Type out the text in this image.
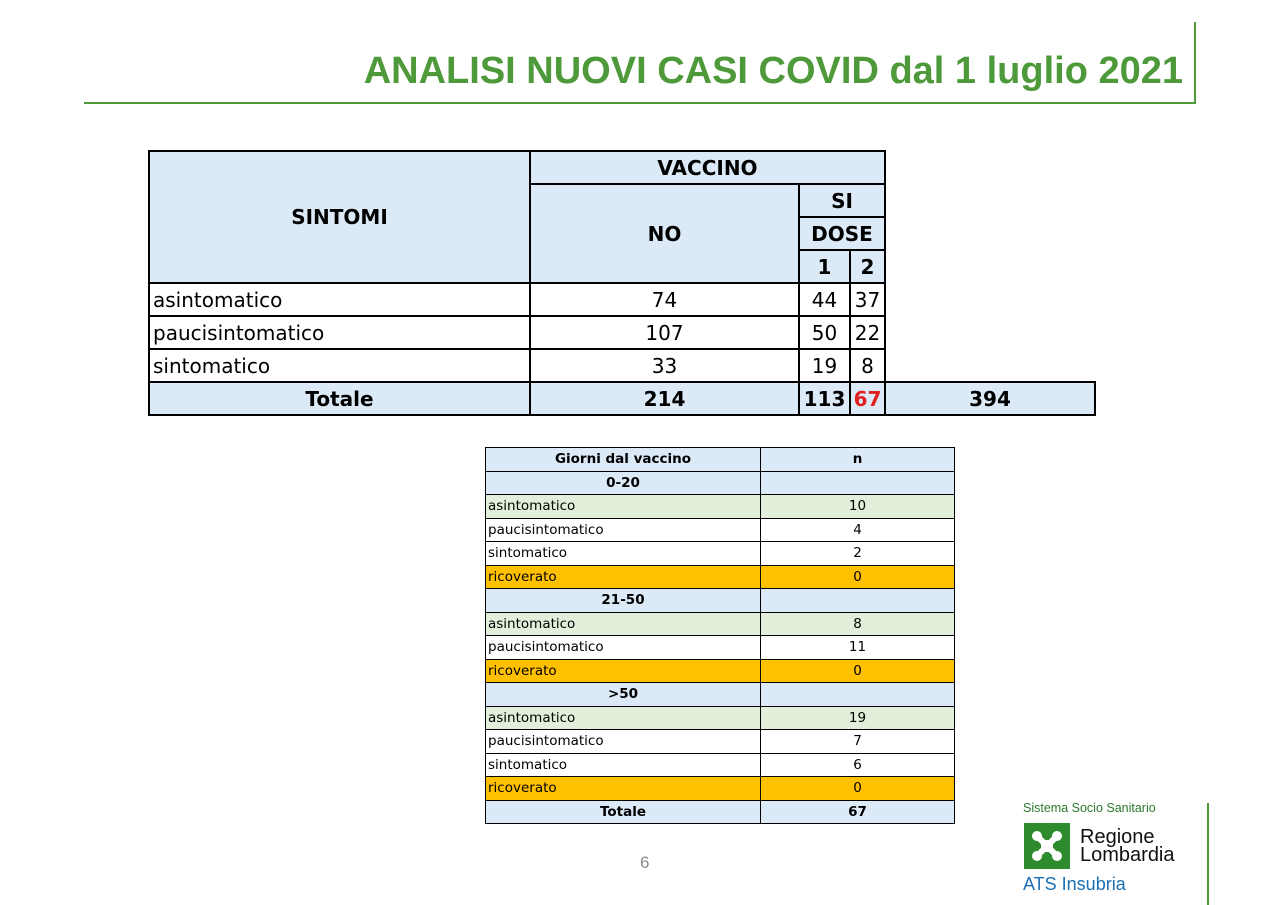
ANALISI NUOVI CASI COVID dal 1 luglio 2021
SINTOMI	VACCINO			
	NO	SI		
		DOSE		
		1	2	
asintomatico	74	44	37	
paucisintomatico	107	50	22	
sintomatico	33	19	8	
Totale	214	113	67	394
Giorni dal vaccino	n
0-20	
asintomatico	10
paucisintomatico	4
sintomatico	2
ricoverato	0
21-50	
asintomatico	8
paucisintomatico	11
ricoverato	0
>50	
asintomatico	19
paucisintomatico	7
sintomatico	6
ricoverato	0
Totale	67
6
Sistema Socio Sanitario
Regione
Lombardia
ATS Insubria
